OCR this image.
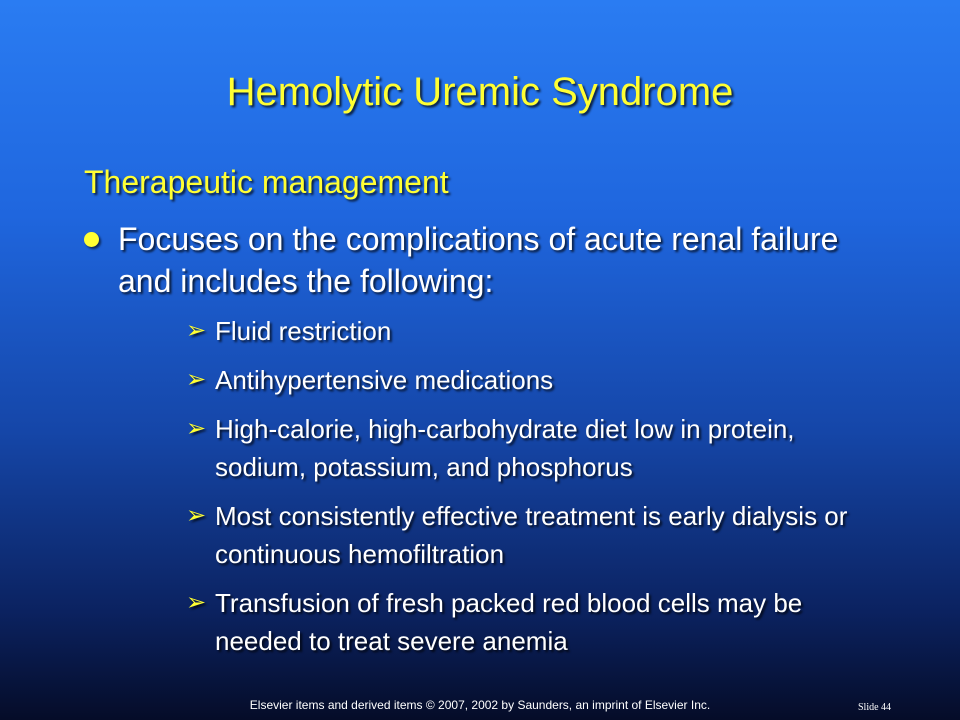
Hemolytic Uremic Syndrome
Therapeutic management
Focuses on the complications of acute renal failure and includes the following:
➢ Fluid restriction
➢ Antihypertensive medications
➢ High-calorie, high-carbohydrate diet low in protein, sodium, potassium, and phosphorus
➢ Most consistently effective treatment is early dialysis or continuous hemofiltration
➢ Transfusion of fresh packed red blood cells may be needed to treat severe anemia
Elsevier items and derived items © 2007, 2002 by Saunders, an imprint of Elsevier Inc.	Slide 44
